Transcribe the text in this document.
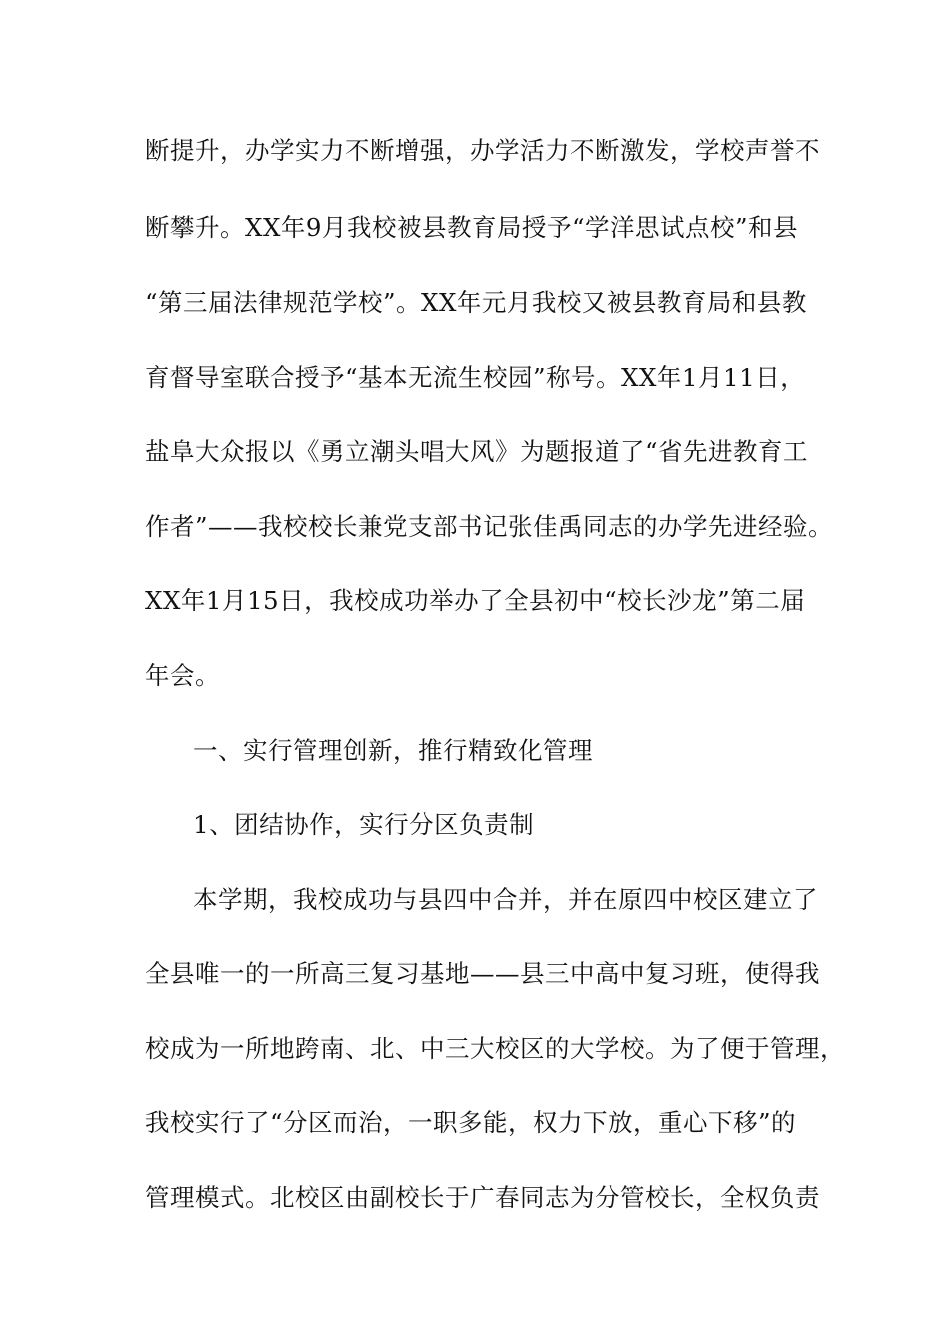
断提升，办学实力不断增强，办学活力不断激发，学校声誉不
断攀升。XX年9月我校被县教育局授予“学洋思试点校”和县
“第三届法律规范学校”。XX年元月我校又被县教育局和县教
育督导室联合授予“基本无流生校园”称号。XX年1月11日，
盐阜大众报以《勇立潮头唱大风》为题报道了“省先进教育工
作者”——我校校长兼党支部书记张佳禹同志的办学先进经验。
XX年1月15日，我校成功举办了全县初中“校长沙龙”第二届
年会。
一、实行管理创新，推行精致化管理
1、团结协作，实行分区负责制
本学期，我校成功与县四中合并，并在原四中校区建立了
全县唯一的一所高三复习基地——县三中高中复习班，使得我
校成为一所地跨南、北、中三大校区的大学校。为了便于管理，
我校实行了“分区而治，一职多能，权力下放，重心下移”的
管理模式。北校区由副校长于广春同志为分管校长，全权负责
